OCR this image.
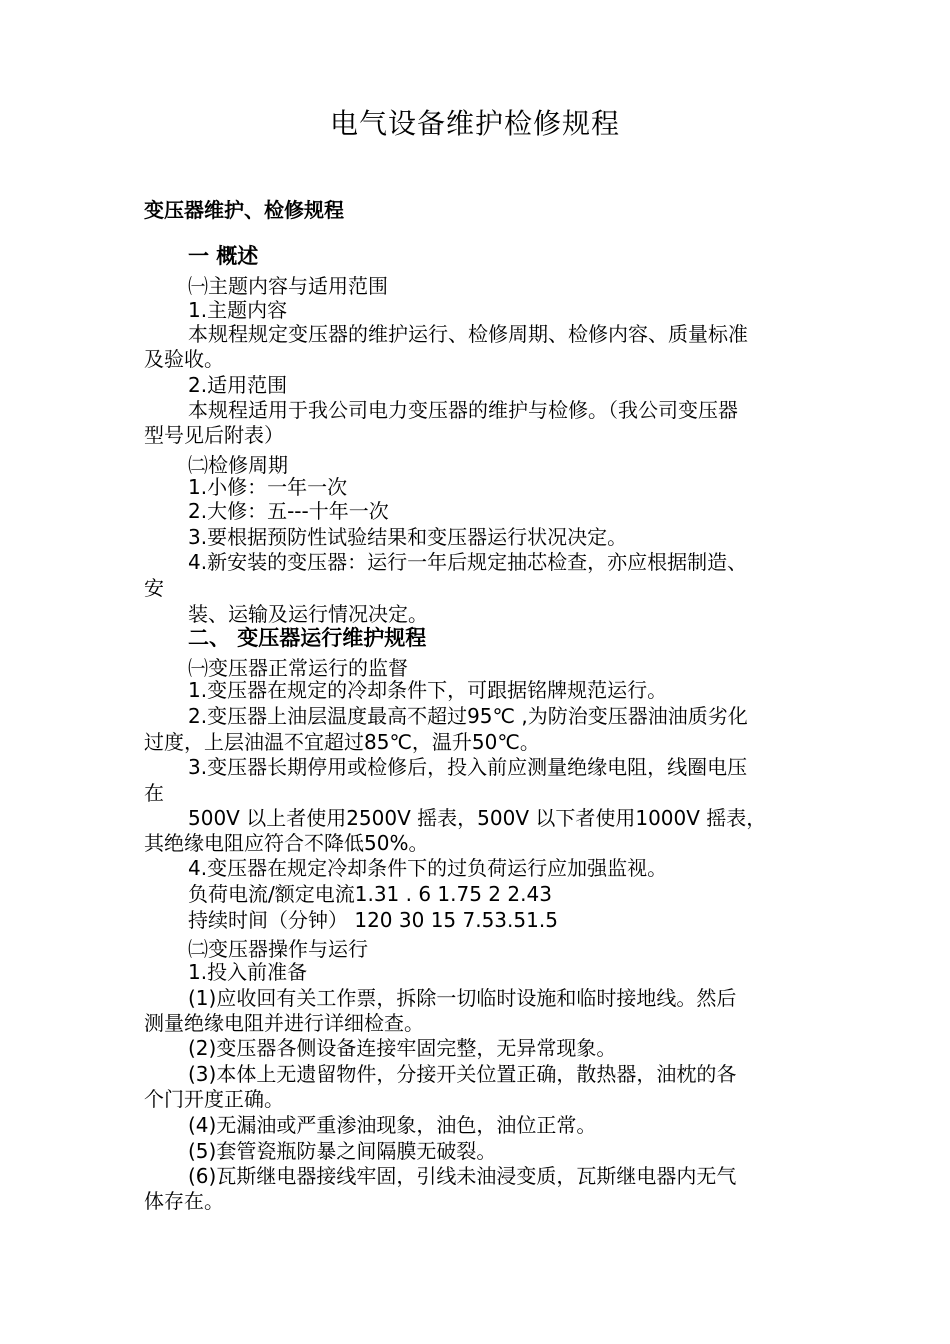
电气设备维护检修规程
变压器维护、检修规程
一 概述
㈠主题内容与适用范围
1.主题内容
本规程规定变压器的维护运行、检修周期、检修内容、质量标准
及验收。
2.适用范围
本规程适用于我公司电力变压器的维护与检修。（我公司变压器
型号见后附表）
㈡检修周期
1.小修：一年一次
2.大修：五---十年一次
3.要根据预防性试验结果和变压器运行状况决定。
4.新安装的变压器：运行一年后规定抽芯检查，亦应根据制造、
安
装、运输及运行情况决定。
二、 变压器运行维护规程
㈠变压器正常运行的监督
1.变压器在规定的冷却条件下，可跟据铭牌规范运行。
2.变压器上油层温度最高不超过95℃ ,为防治变压器油油质劣化
过度，上层油温不宜超过85℃，温升50℃。
3.变压器长期停用或检修后，投入前应测量绝缘电阻，线圈电压
在
500V 以上者使用2500V 摇表，500V 以下者使用1000V 摇表，
其绝缘电阻应符合不降低50%。
4.变压器在规定冷却条件下的过负荷运行应加强监视。
负荷电流/额定电流1.31 . 6 1.75 2 2.43
持续时间（分钟） 120 30 15 7.53.51.5
㈡变压器操作与运行
1.投入前准备
(1)应收回有关工作票，拆除一切临时设施和临时接地线。然后
测量绝缘电阻并进行详细检查。
(2)变压器各侧设备连接牢固完整，无异常现象。
(3)本体上无遗留物件，分接开关位置正确，散热器，油枕的各
个门开度正确。
(4)无漏油或严重渗油现象，油色，油位正常。
(5)套管瓷瓶防暴之间隔膜无破裂。
(6)瓦斯继电器接线牢固，引线未油浸变质，瓦斯继电器内无气
体存在。
